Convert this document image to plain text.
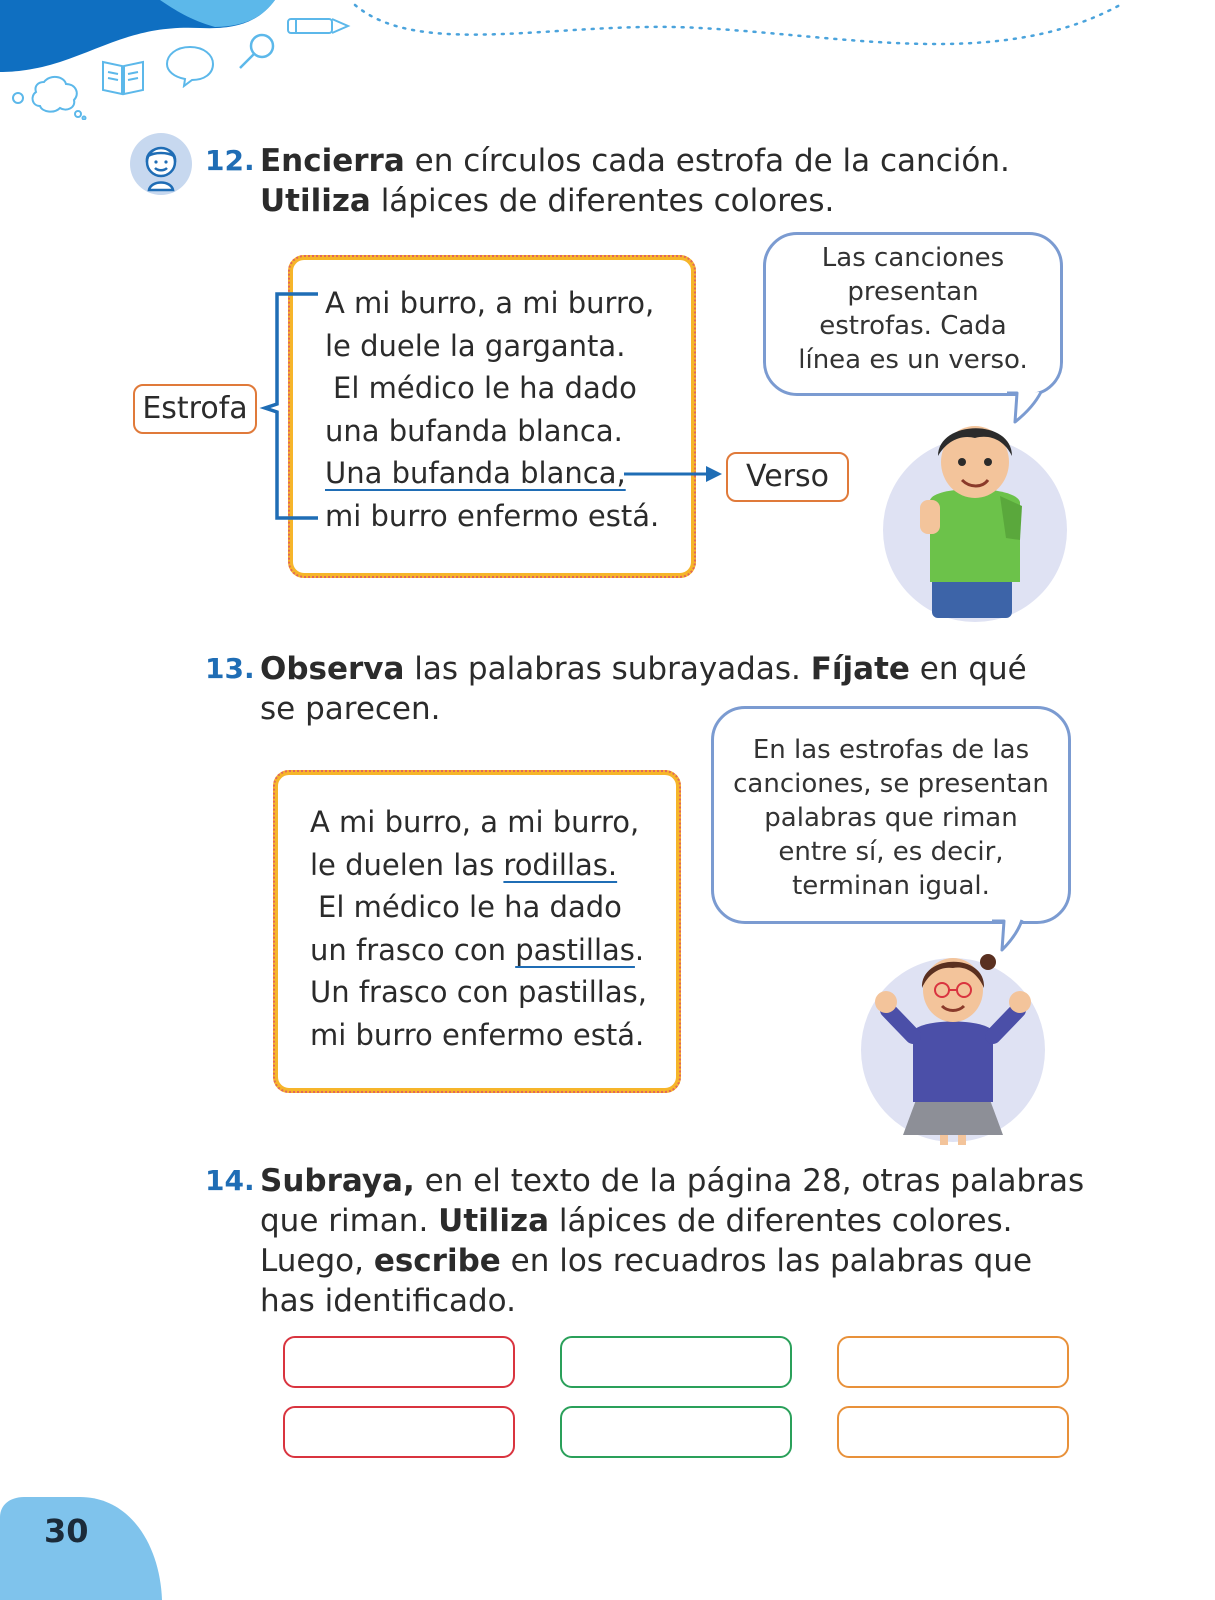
12. Encierra en círculos cada estrofa de la canción.
Utiliza lápices de diferentes colores.
A mi burro, a mi burro,
le duele la garganta.
El médico le ha dado
una bufanda blanca.
Una bufanda blanca,
mi burro enfermo está.
Estrofa
Verso
Las canciones
presentan
estrofas. Cada
línea es un verso.
13. Observa las palabras subrayadas. Fíjate en qué
se parecen.
A mi burro, a mi burro,
le duelen las rodillas.
El médico le ha dado
un frasco con pastillas.
Un frasco con pastillas,
mi burro enfermo está.
En las estrofas de las
canciones, se presentan
palabras que riman
entre sí, es decir,
terminan igual.
14. Subraya, en el texto de la página 28, otras palabras
que riman. Utiliza lápices de diferentes colores.
Luego, escribe en los recuadros las palabras que
has identificado.
30
